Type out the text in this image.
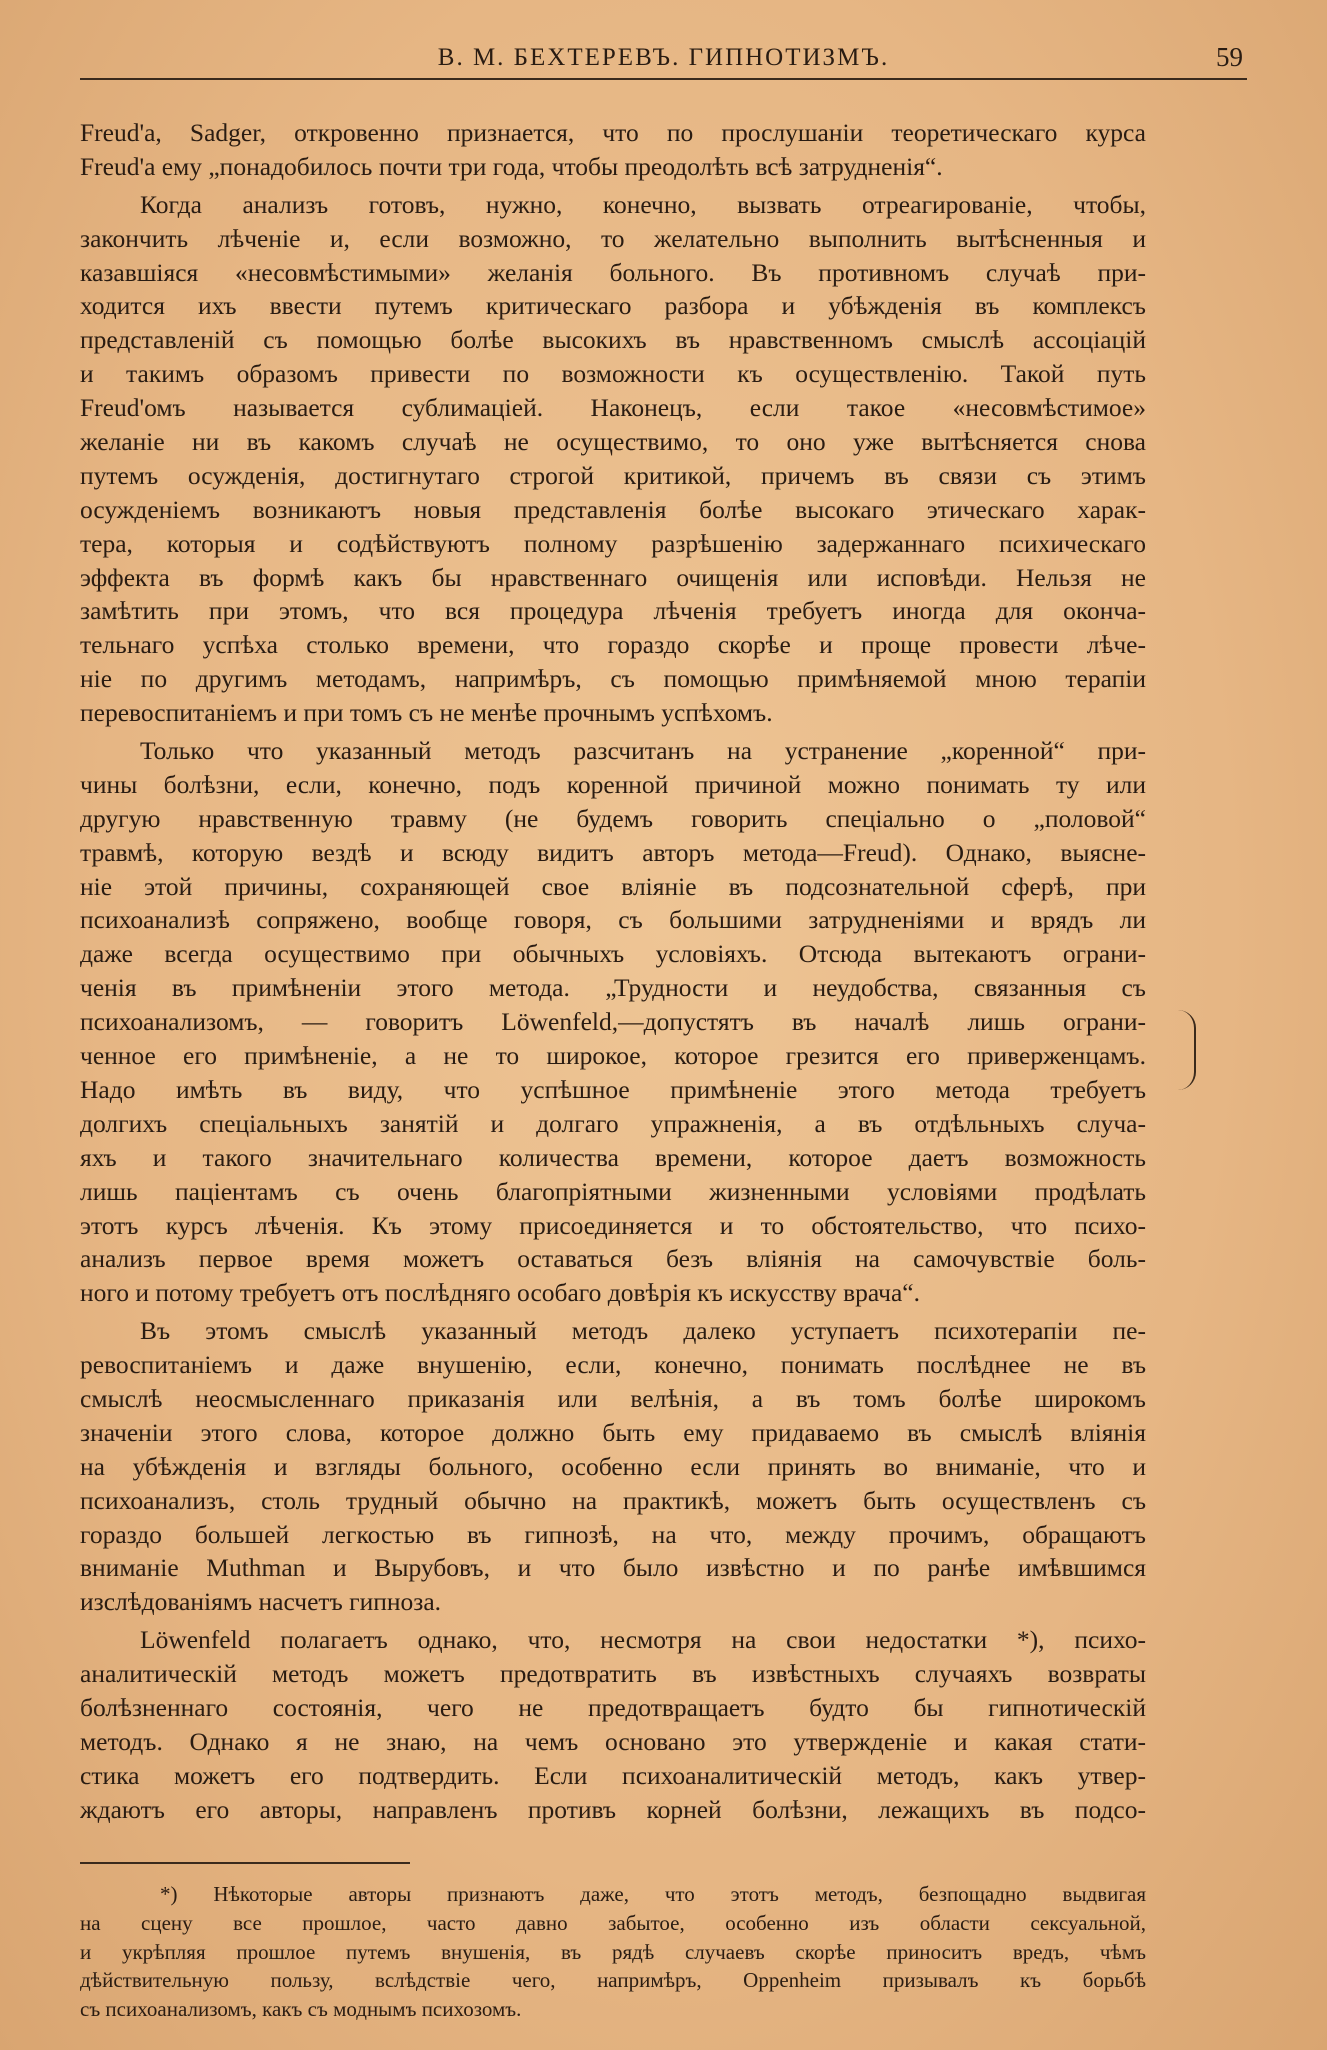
В. М. БЕХТЕРЕВЪ. ГИПНОТИЗМЪ.	59
Freud'а, Sadger, откровенно признается, что по прослушанiи теоретическаго курса
Freud'а ему „понадобилось почти три года, чтобы преодолѣть всѣ затрудненiя“.
Когда анализъ готовъ, нужно, конечно, вызвать отреагированiе, чтобы,
закончить лѣченiе и, если возможно, то желательно выполнить вытѣсненныя и
казавшiяся «несовмѣстимыми» желанiя больного. Въ противномъ случаѣ при-
ходится ихъ ввести путемъ критическаго разбора и убѣжденiя въ комплексъ
представленiй съ помощью болѣе высокихъ въ нравственномъ смыслѣ ассоцiацiй
и такимъ образомъ привести по возможности къ осуществленiю. Такой путь
Freud'омъ называется сублимацiей. Наконецъ, если такое «несовмѣстимое»
желанiе ни въ какомъ случаѣ не осуществимо, то оно уже вытѣсняется снова
путемъ осужденiя, достигнутаго строгой критикой, причемъ въ связи съ этимъ
осужденiемъ возникаютъ новыя представленiя болѣе высокаго этическаго харак-
тера, которыя и содѣйствуютъ полному разрѣшенiю задержаннаго психическаго
эффекта въ формѣ какъ бы нравственнаго очищенiя или исповѣди. Нельзя не
замѣтить при этомъ, что вся процедура лѣченiя требуетъ иногда для оконча-
тельнаго успѣха столько времени, что гораздо скорѣе и проще провести лѣче-
нiе по другимъ методамъ, напримѣръ, съ помощью примѣняемой мною терапiи
перевоспитанiемъ и при томъ съ не менѣе прочнымъ успѣхомъ.
Только что указанный методъ разсчитанъ на устранение „коренной“ при-
чины болѣзни, если, конечно, подъ коренной причиной можно понимать ту или
другую нравственную травму (не будемъ говорить спецiально о „половой“
травмѣ, которую вездѣ и всюду видитъ авторъ метода—Freud). Однако, выясне-
нiе этой причины, сохраняющей свое влiянiе въ подсознательной сферѣ, при
психоанализѣ сопряжено, вообще говоря, съ большими затрудненiями и врядъ ли
даже всегда осуществимо при обычныхъ условiяхъ. Отсюда вытекаютъ ограни-
ченiя въ примѣненiи этого метода. „Трудности и неудобства, связанныя съ
психоанализомъ, — говоритъ Löwenfeld,—допустятъ въ началѣ лишь ограни-
ченное его примѣненiе, а не то широкое, которое грезится его приверженцамъ.
Надо имѣть въ виду, что успѣшное примѣненiе этого метода требуетъ
долгихъ спецiальныхъ занятiй и долгаго упражненiя, а въ отдѣльныхъ случа-
яхъ и такого значительнаго количества времени, которое даетъ возможность
лишь пацiентамъ съ очень благопрiятными жизненными условiями продѣлать
этотъ курсъ лѣченiя. Къ этому присоединяется и то обстоятельство, что психо-
анализъ первое время можетъ оставаться безъ влiянiя на самочувствiе боль-
ного и потому требуетъ отъ послѣдняго особаго довѣрiя къ искусству врача“.
Въ этомъ смыслѣ указанный методъ далеко уступаетъ психотерапiи пе-
ревоспитанiемъ и даже внушенiю, если, конечно, понимать послѣднее не въ
смыслѣ неосмысленнаго приказанiя или велѣнiя, а въ томъ болѣе широкомъ
значенiи этого слова, которое должно быть ему придаваемо въ смыслѣ влiянiя
на убѣжденiя и взгляды больного, особенно если принять во вниманiе, что и
психоанализъ, столь трудный обычно на практикѣ, можетъ быть осуществленъ съ
гораздо большей легкостью въ гипнозѣ, на что, между прочимъ, обращаютъ
вниманiе Muthman и Вырубовъ, и что было извѣстно и по ранѣе имѣвшимся
изслѣдованiямъ насчетъ гипноза.
Löwenfeld полагаетъ однако, что, несмотря на свои недостатки *), психо-
аналитическiй методъ можетъ предотвратить въ извѣстныхъ случаяхъ возвраты
болѣзненнаго состоянiя, чего не предотвращаетъ будто бы гипнотическiй
методъ. Однако я не знаю, на чемъ основано это утвержденiе и какая стати-
стика можетъ его подтвердить. Если психоаналитическiй методъ, какъ утвер-
ждаютъ его авторы, направленъ противъ корней болѣзни, лежащихъ въ подсо-
*) Нѣкоторые авторы признаютъ даже, что этотъ методъ, безпощадно выдвигая
на сцену все прошлое, часто давно забытое, особенно изъ области сексуальной,
и укрѣпляя прошлое путемъ внушенiя, въ рядѣ случаевъ скорѣе приноситъ вредъ, чѣмъ
дѣйствительную пользу, вслѣдствiе чего, напримѣръ, Oppenheim призывалъ къ борьбѣ
съ психоанализомъ, какъ съ моднымъ психозомъ.
